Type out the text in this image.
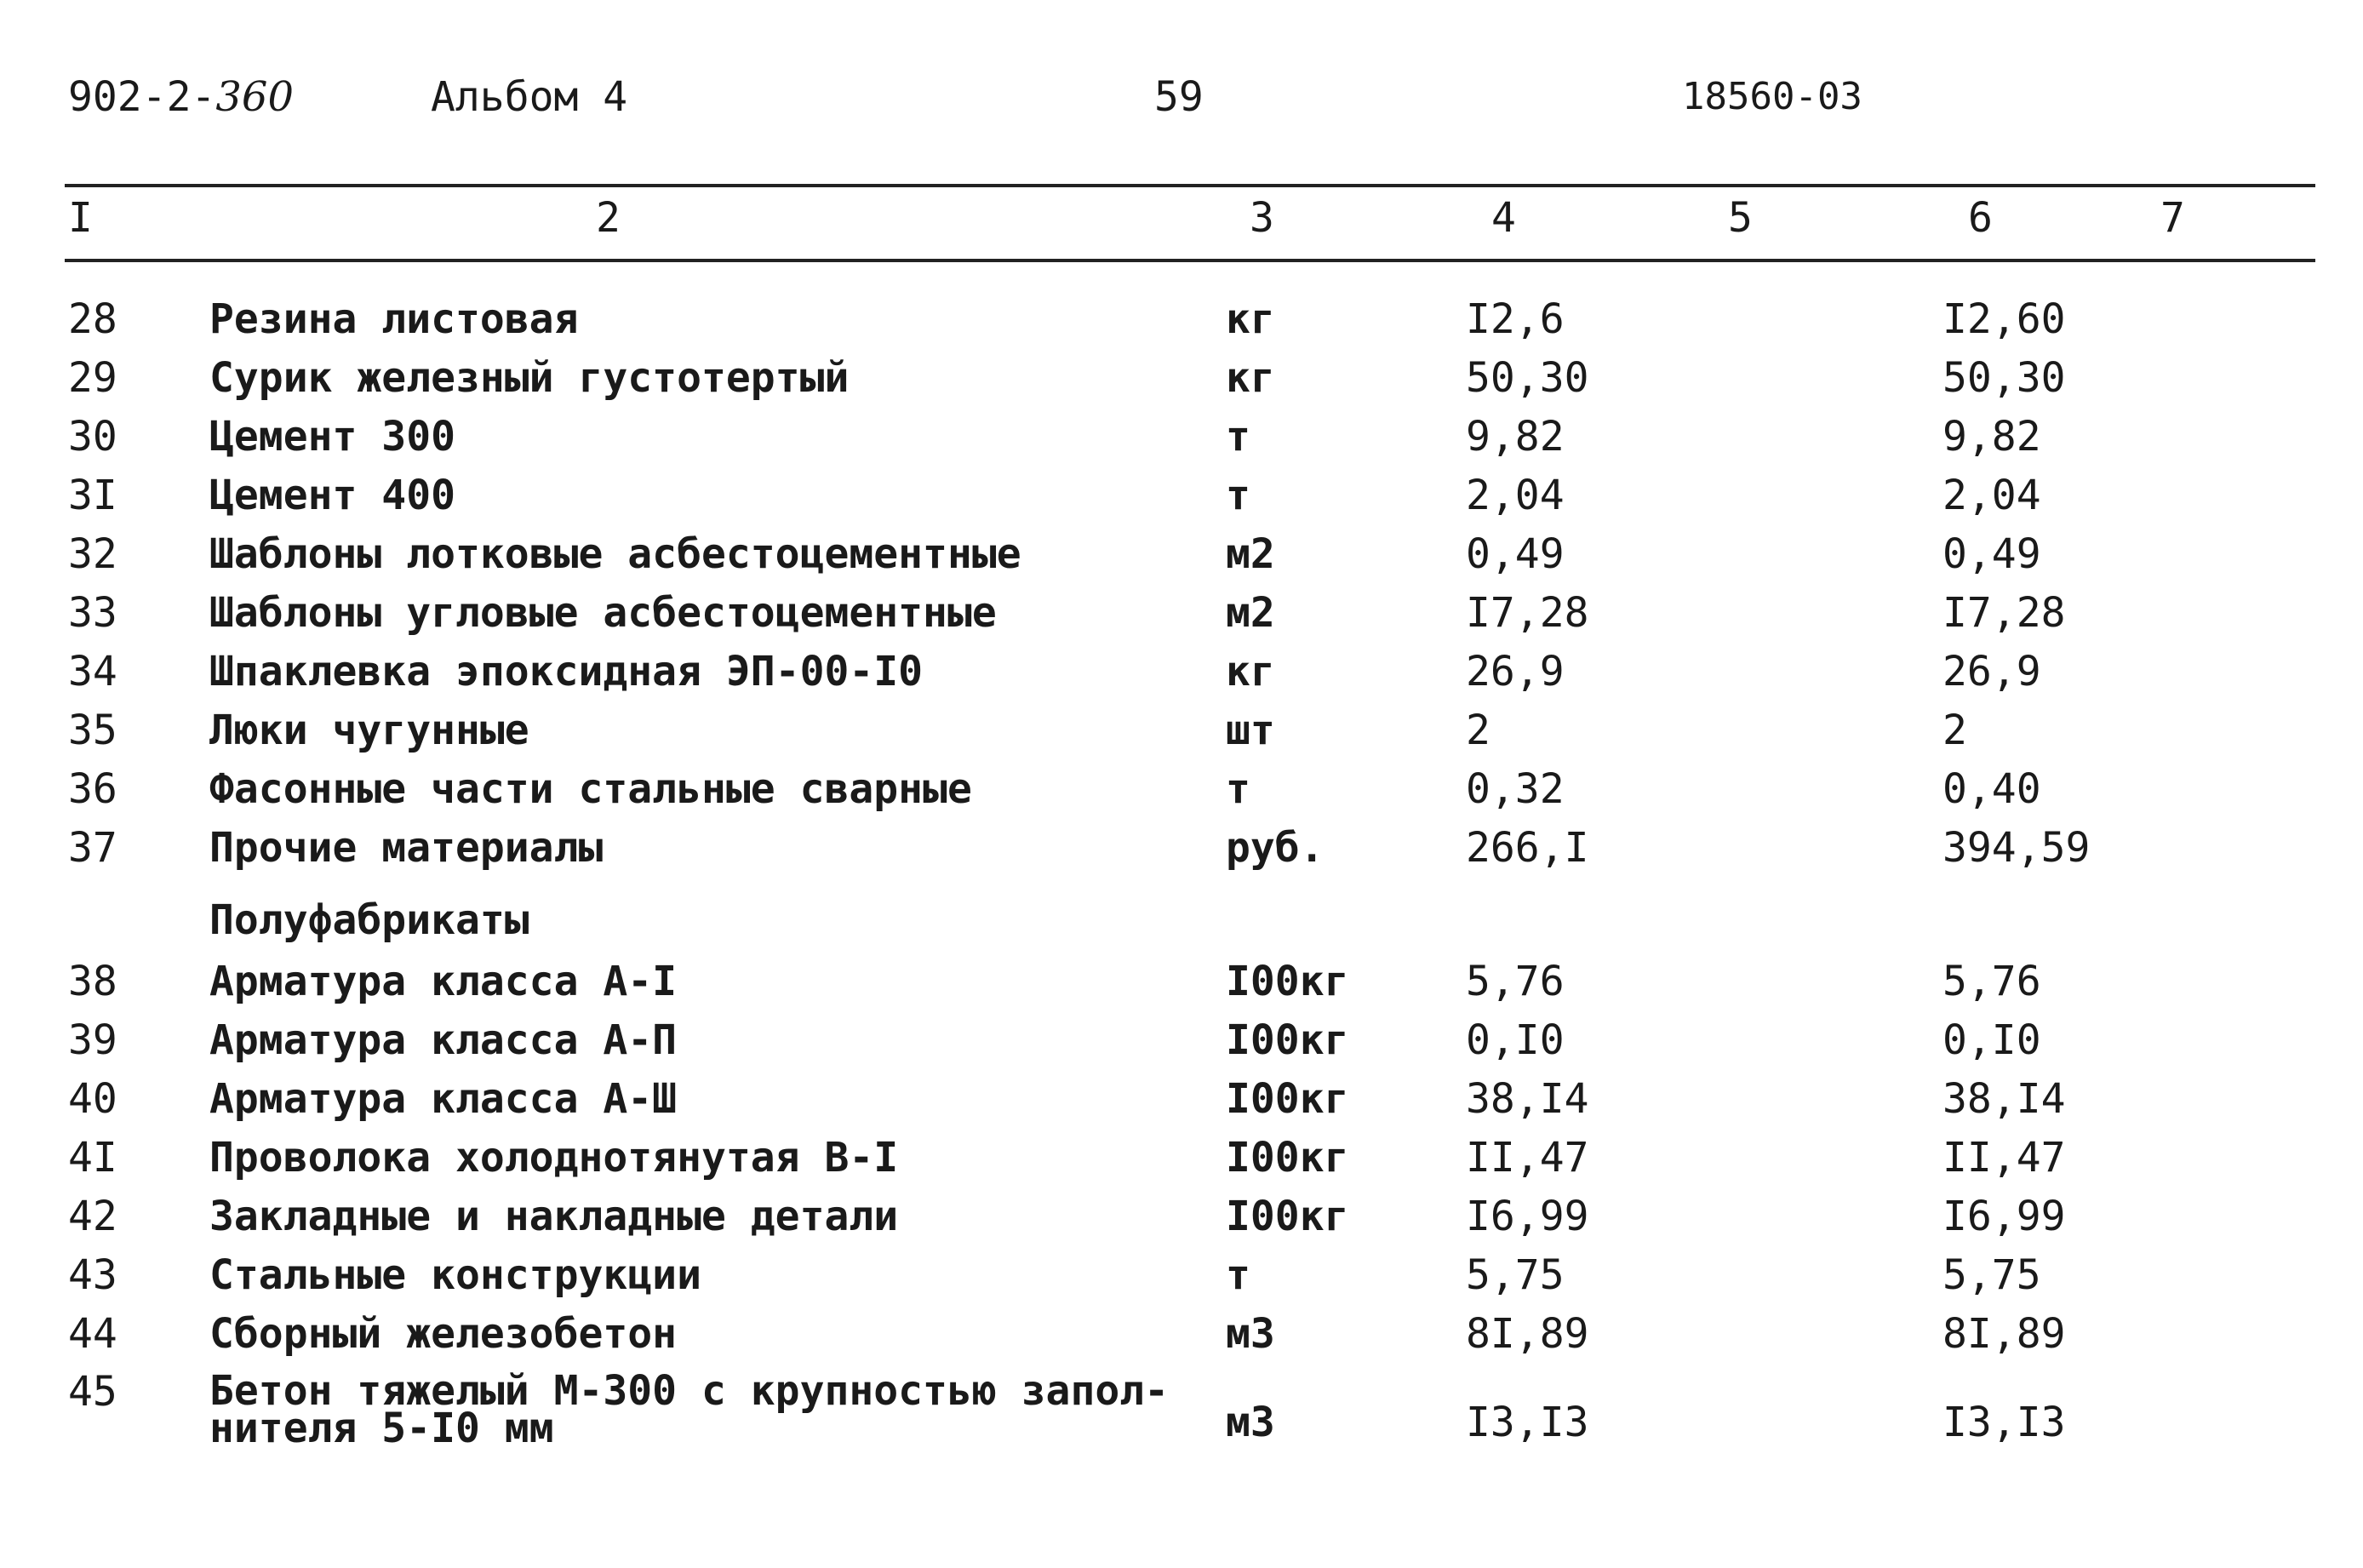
902-2-360	Альбом 4	59	18560-03
I	2	3	4	5	6	7
28 Резина листовая	кг	I2,6	I2,60
29 Сурик железный густотертый	кг	50,30	50,30
30 Цемент 300	т	9,82	9,82
3I Цемент 400	т	2,04	2,04
32 Шаблоны лотковые асбестоцементные	м2	0,49	0,49
33 Шаблоны угловые асбестоцементные	м2	I7,28	I7,28
34 Шпаклевка эпоксидная ЭП-00-I0	кг	26,9	26,9
35 Люки чугунные	шт	2	2
36 Фасонные части стальные сварные	т	0,32	0,40
37 Прочие материалы	руб.	266,I	394,59
Полуфабрикаты
38 Арматура класса А-I	I00кг	5,76	5,76
39 Арматура класса А-П	I00кг	0,I0	0,I0
40 Арматура класса А-Ш	I00кг	38,I4	38,I4
4I Проволока холоднотянутая В-I	I00кг	II,47	II,47
42 Закладные и накладные детали	I00кг	I6,99	I6,99
43 Стальные конструкции	т	5,75	5,75
44 Сборный железобетон	м3	8I,89	8I,89
45 Бетон тяжелый М-300 с крупностью запол-
нителя 5-I0 мм	м3	I3,I3	I3,I3
